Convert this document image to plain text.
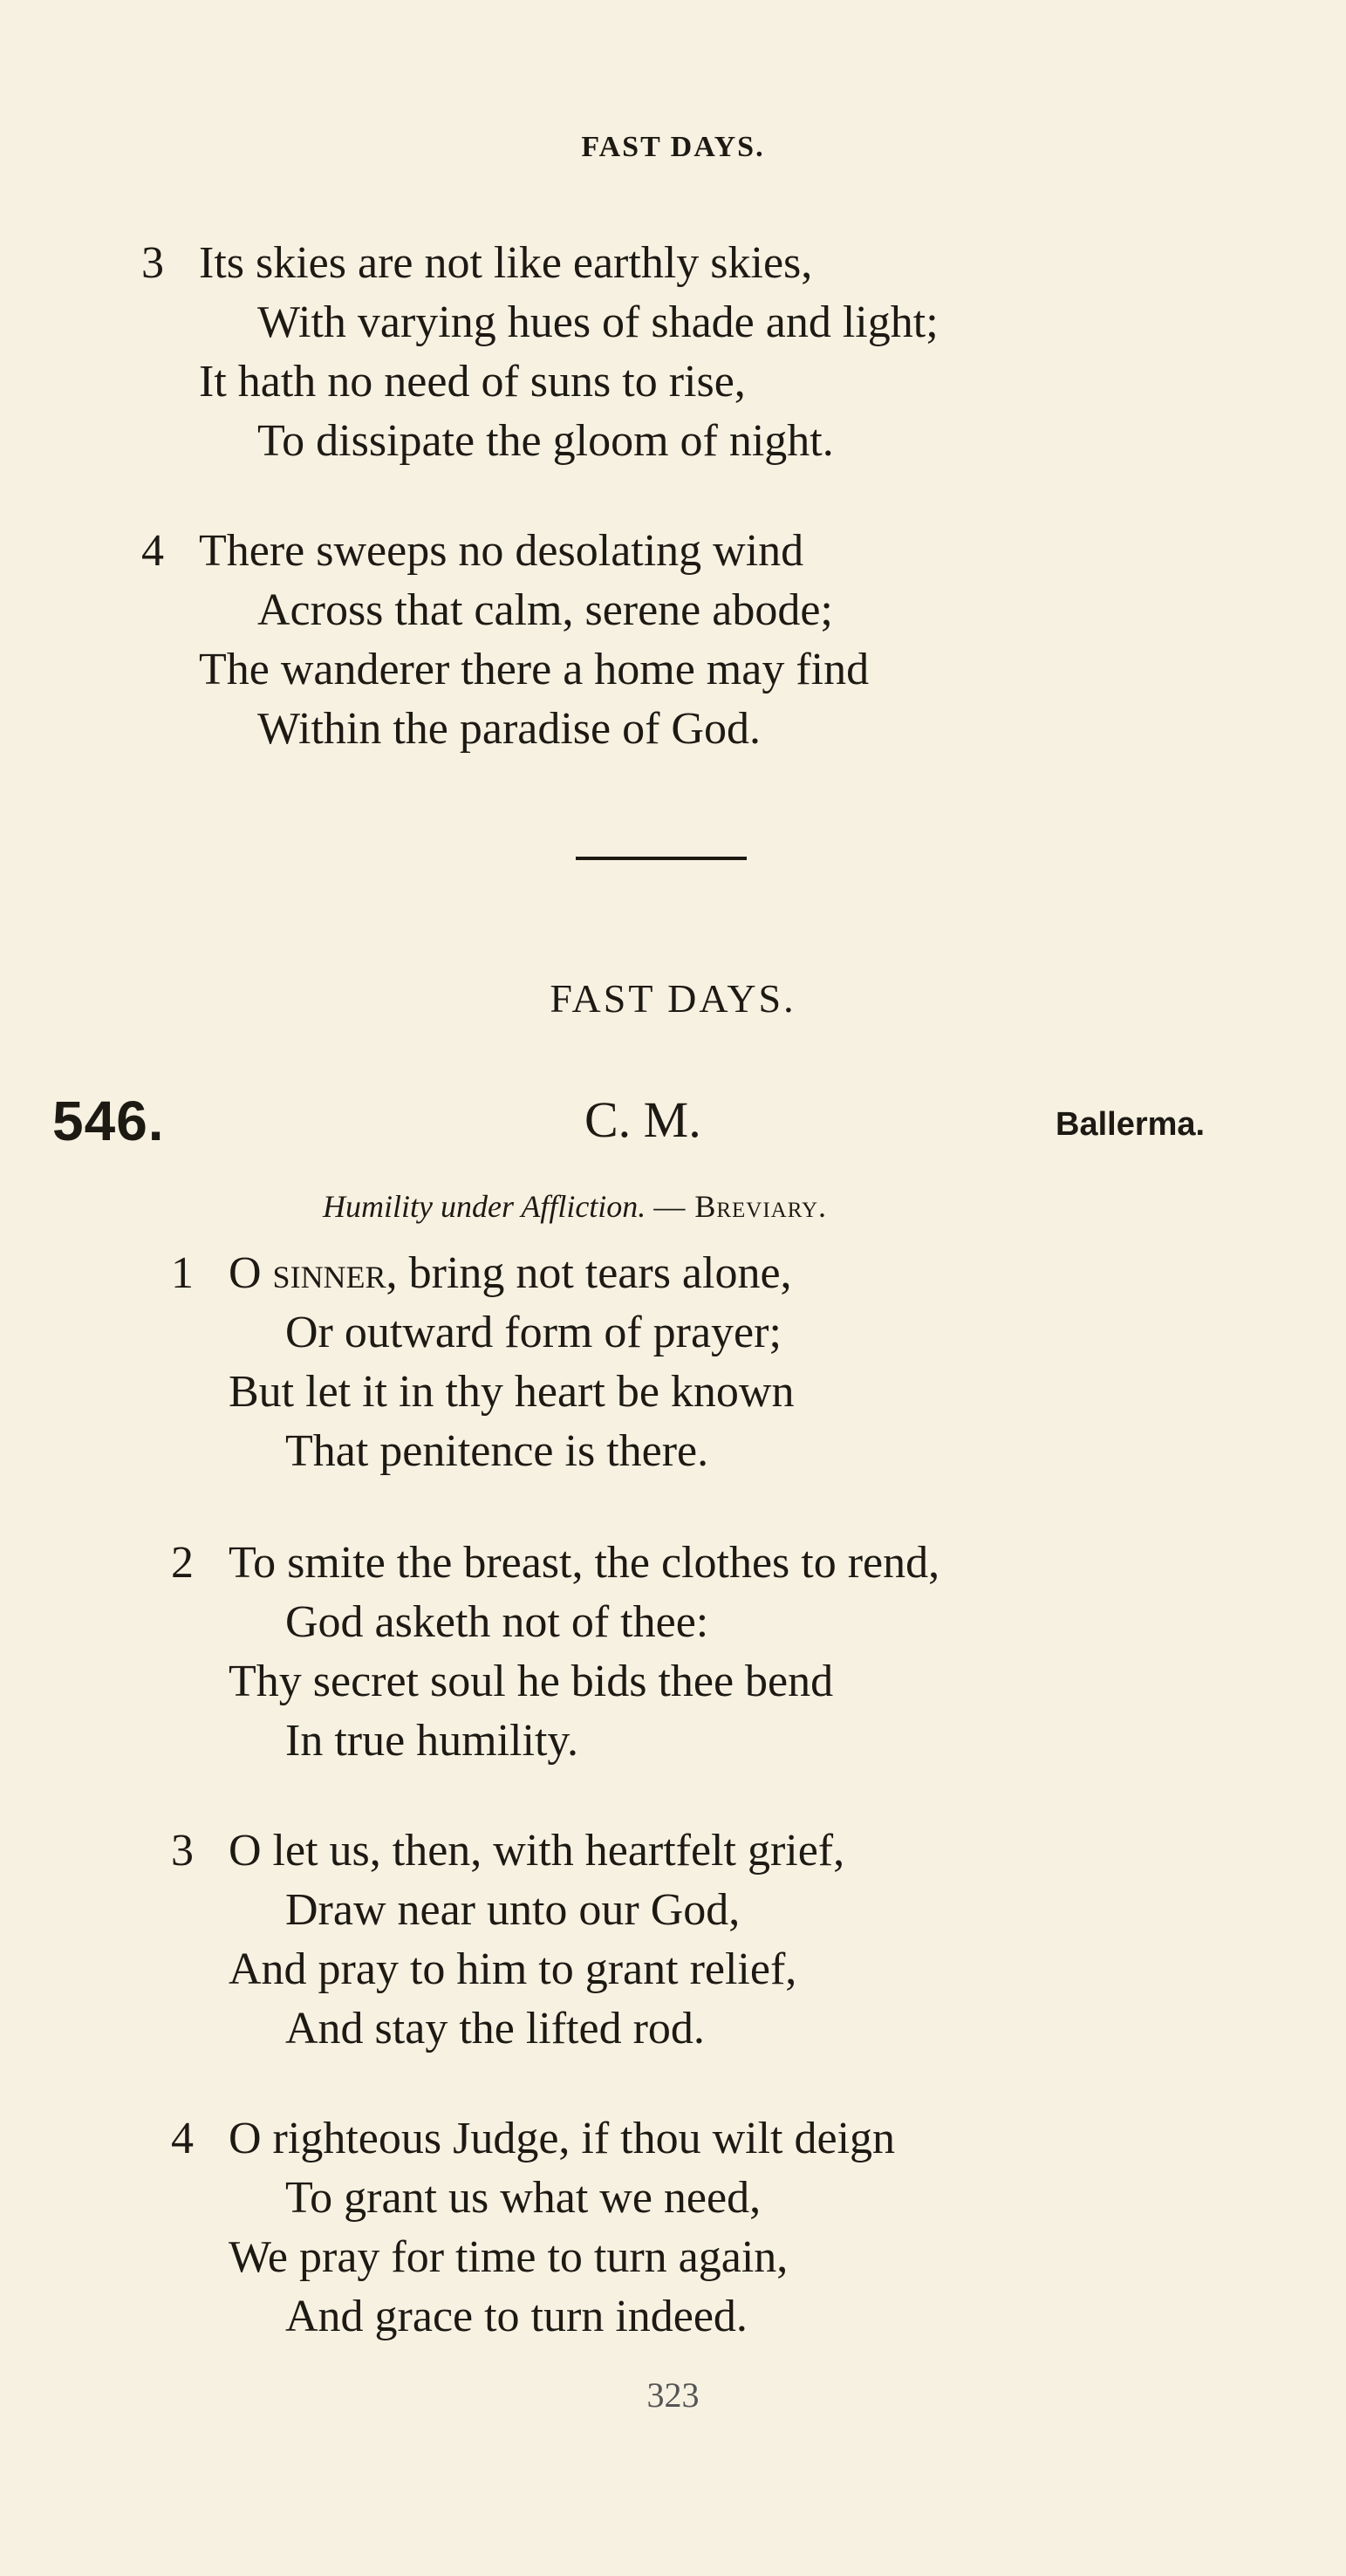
FAST DAYS.
3 Its skies are not like earthly skies,
With varying hues of shade and light;
It hath no need of suns to rise,
To dissipate the gloom of night.
4 There sweeps no desolating wind
Across that calm, serene abode;
The wanderer there a home may find
Within the paradise of God.
FAST DAYS.
546.	C. M.	Ballerma.
Humility under Affliction. — Breviary.
1 O sinner, bring not tears alone,
Or outward form of prayer;
But let it in thy heart be known
That penitence is there.
2 To smite the breast, the clothes to rend,
God asketh not of thee:
Thy secret soul he bids thee bend
In true humility.
3 O let us, then, with heartfelt grief,
Draw near unto our God,
And pray to him to grant relief,
And stay the lifted rod.
4 O righteous Judge, if thou wilt deign
To grant us what we need,
We pray for time to turn again,
And grace to turn indeed.
323
